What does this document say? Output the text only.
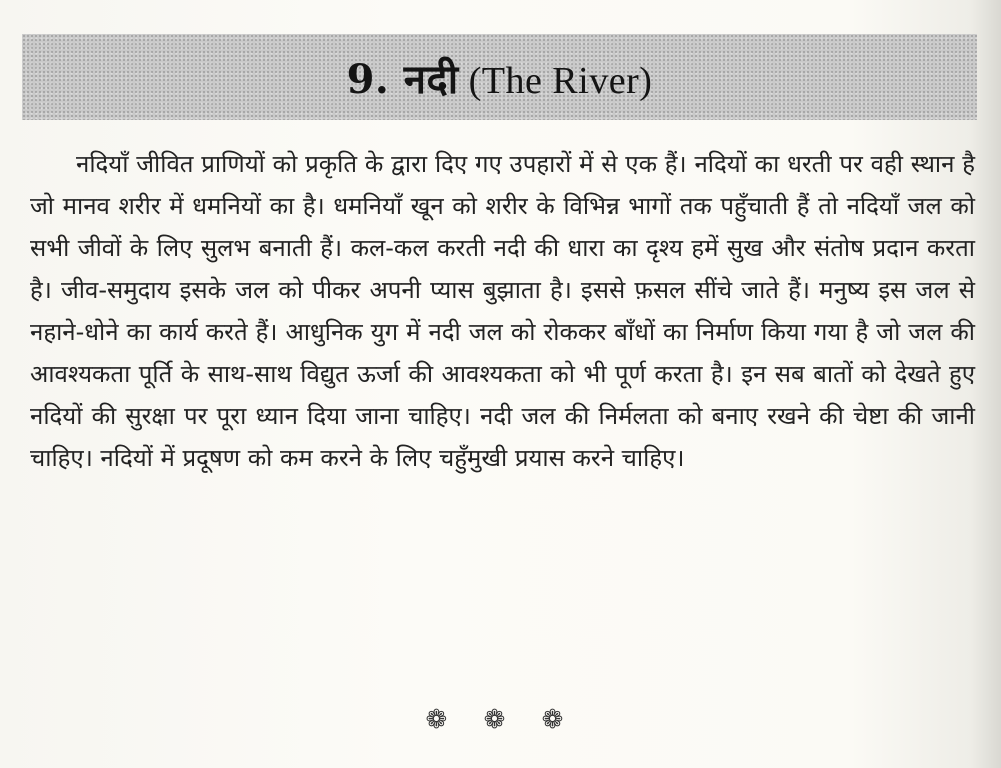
9. नदी (The River)

नदियाँ जीवित प्राणियों को प्रकृति के द्वारा दिए गए उपहारों में से एक हैं। नदियों का धरती पर वही स्थान है जो मानव शरीर में धमनियों का है। धमनियाँ खून को शरीर के विभिन्न भागों तक पहुँचाती हैं तो नदियाँ जल को सभी जीवों के लिए सुलभ बनाती हैं। कल-कल करती नदी की धारा का दृश्य हमें सुख और संतोष प्रदान करता है। जीव-समुदाय इसके जल को पीकर अपनी प्यास बुझाता है। इससे फ़सल सींचे जाते हैं। मनुष्य इस जल से नहाने-धोने का कार्य करते हैं। आधुनिक युग में नदी जल को रोककर बाँधों का निर्माण किया गया है जो जल की आवश्यकता पूर्ति के साथ-साथ विद्युत ऊर्जा की आवश्यकता को भी पूर्ण करता है। इन सब बातों को देखते हुए नदियों की सुरक्षा पर पूरा ध्यान दिया जाना चाहिए। नदी जल की निर्मलता को बनाए रखने की चेष्टा की जानी चाहिए। नदियों में प्रदूषण को कम करने के लिए चहुँमुखी प्रयास करने चाहिए।

❁ ❁ ❁
